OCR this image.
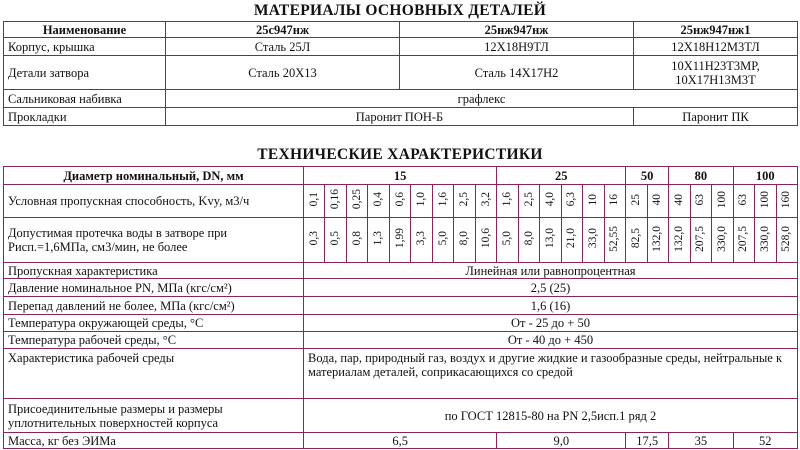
МАТЕРИАЛЫ ОСНОВНЫХ ДЕТАЛЕЙ
Наименование	25с947нж	25нж947нж	25нж947нж1
Корпус, крышка	Сталь 25Л	12Х18Н9ТЛ	12Х18Н12М3ТЛ
Детали затвора	Сталь 20Х13	Сталь 14Х17Н2	10Х11Н23Т3МР, 10Х17Н13М3Т
Сальниковая набивка	графлекс		
Прокладки	Паронит ПОН-Б		Паронит ПК
ТЕХНИЧЕСКИЕ ХАРАКТЕРИСТИКИ
Диаметр номинальный, DN, мм	15									25						50		80			100		
Условная пропускная способность, Kvy, м3/ч	0,1	0,16	0,25	0,4	0,6	1,0	1,6	2,5	3,2	1,6	2,5	4,0	6,3	10	16	25	40	40	63	100	63	100	160
Допустимая протечка воды в затворе при Рисп.=1,6МПа, см3/мин, не более	0,3	0,5	0,8	1,3	1,99	3,3	5,0	8,0	10,6	5,0	8,0	13,0	21,0	33,0	52,55	82,5	132,0	132,0	207,5	330,0	207,5	330,0	528,0
Пропускная характеристика	Линейная или равнопроцентная																						
Давление номинальное PN, МПа (кгс/см²)	2,5 (25)																						
Перепад давлений не более, МПа (кгс/см²)	1,6 (16)																						
Температура окружающей среды, °С	От - 25 до + 50																						
Температура рабочей среды, °С	От - 40 до + 450																						
Характеристика рабочей среды	Вода, пар, природный газ, воздух и другие жидкие и газообразные среды, нейтральные к материалам деталей, соприкасающихся со средой																						
Присоединительные размеры и размеры уплотнительных поверхностей корпуса	по ГОСТ 12815-80 на PN 2,5исп.1 ряд 2																						
Масса, кг без ЭИМа	6,5									9,0						17,5		35			52		
